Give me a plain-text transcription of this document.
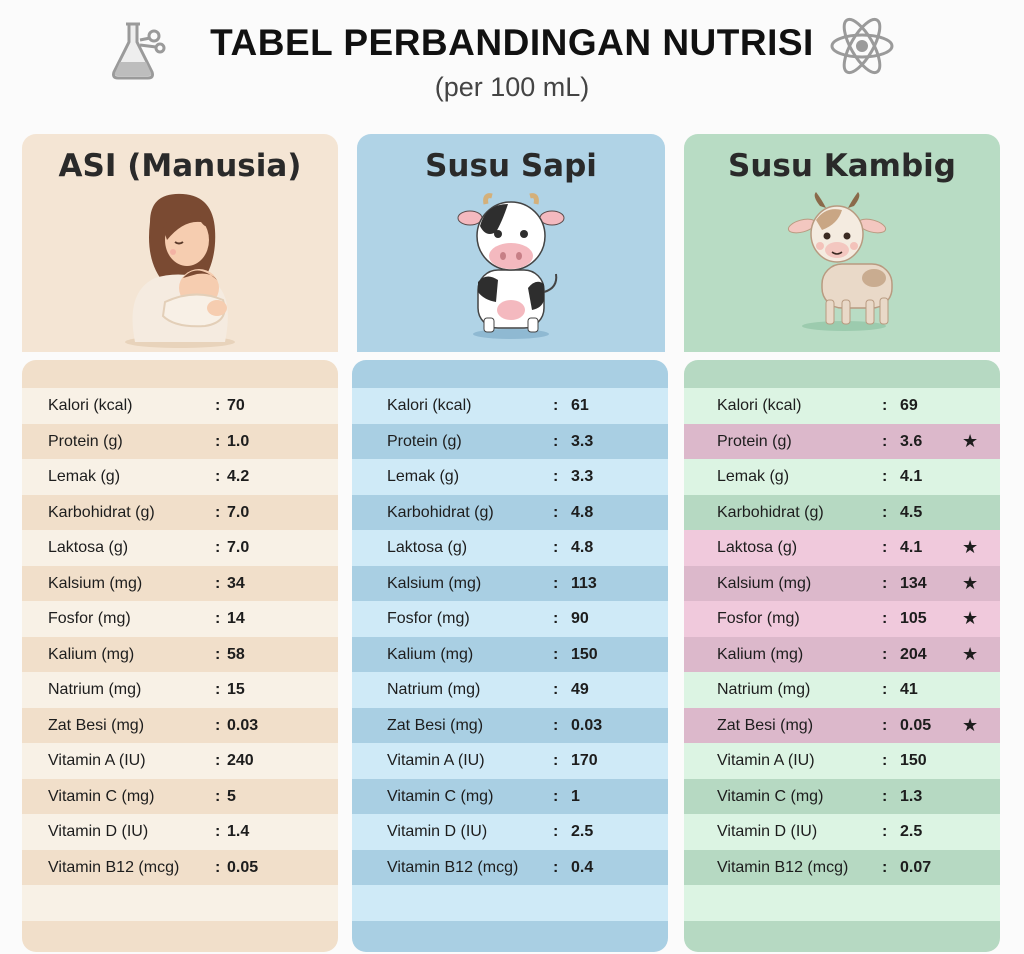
TABEL PERBANDINGAN NUTRISI
(per 100 mL)
ASI (Manusia)
Kalori (kcal)	: 70
Protein (g)	: 1.0
Lemak (g)	: 4.2
Karbohidrat (g)	: 7.0
Laktosa (g)	: 7.0
Kalsium (mg)	: 34
Fosfor (mg)	: 14
Kalium (mg)	: 58
Natrium (mg)	: 15
Zat Besi (mg)	: 0.03
Vitamin A (IU)	: 240
Vitamin C (mg)	: 5
Vitamin D (IU)	: 1.4
Vitamin B12 (mcg) : 0.05
Susu Sapi
Kalori (kcal)	: 61
Protein (g)	: 3.3
Lemak (g)	: 3.3
Karbohidrat (g)	: 4.8
Laktosa (g)	: 4.8
Kalsium (mg)	: 113
Fosfor (mg)	: 90
Kalium (mg)	: 150
Natrium (mg)	: 49
Zat Besi (mg)	: 0.03
Vitamin A (IU)	: 170
Vitamin C (mg)	: 1
Vitamin D (IU)	: 2.5
Vitamin B12 (mcg) : 0.4
Susu Kambig
Kalori (kcal)	: 69
Protein (g)	: 3.6 ★
Lemak (g)	: 4.1
Karbohidrat (g)	: 4.5
Laktosa (g)	: 4.1 ★
Kalsium (mg)	: 134 ★
Fosfor (mg)	: 105 ★
Kalium (mg)	: 204 ★
Natrium (mg)	: 41
Zat Besi (mg)	: 0.05 ★
Vitamin A (IU)	: 150
Vitamin C (mg)	: 1.3
Vitamin D (IU)	: 2.5
Vitamin B12 (mcg) : 0.07
